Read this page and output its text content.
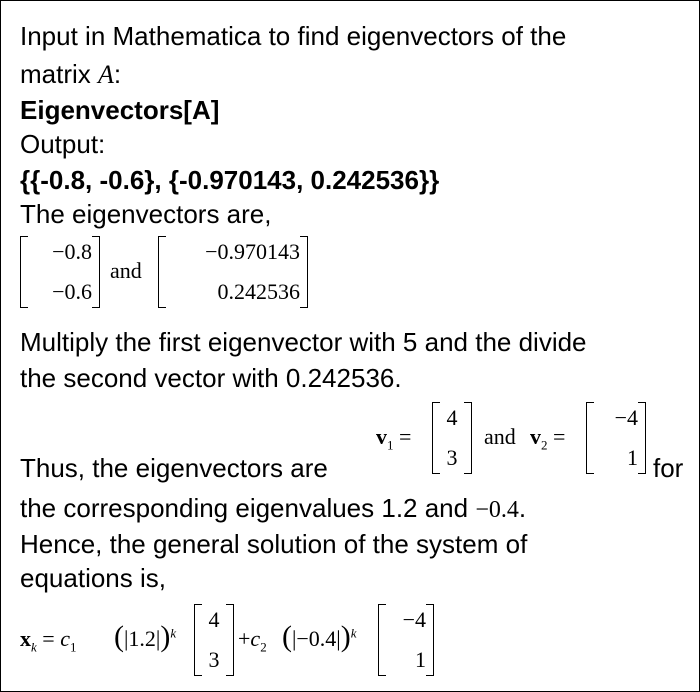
Input in Mathematica to find eigenvectors of the
matrix A:
Eigenvectors[A]
Output:
{{-0.8, -0.6}, {-0.970143, 0.242536}}
The eigenvectors are,
−0.8
−0.6
and
−0.970143
0.242536
Multiply the first eigenvector with 5 and the divide
the second vector with 0.242536.
Thus, the eigenvectors are
$v_1$ =
4
3
and $v_2$ =
−4
1 for
the corresponding eigenvalues 1.2 and −0.4.
Hence, the general solution of the system of
equations is,
$x_k = c_1$ $(|1.2|)^k$
4
3
$+c_2$ $(|-0.4|)^k$
−4
1
